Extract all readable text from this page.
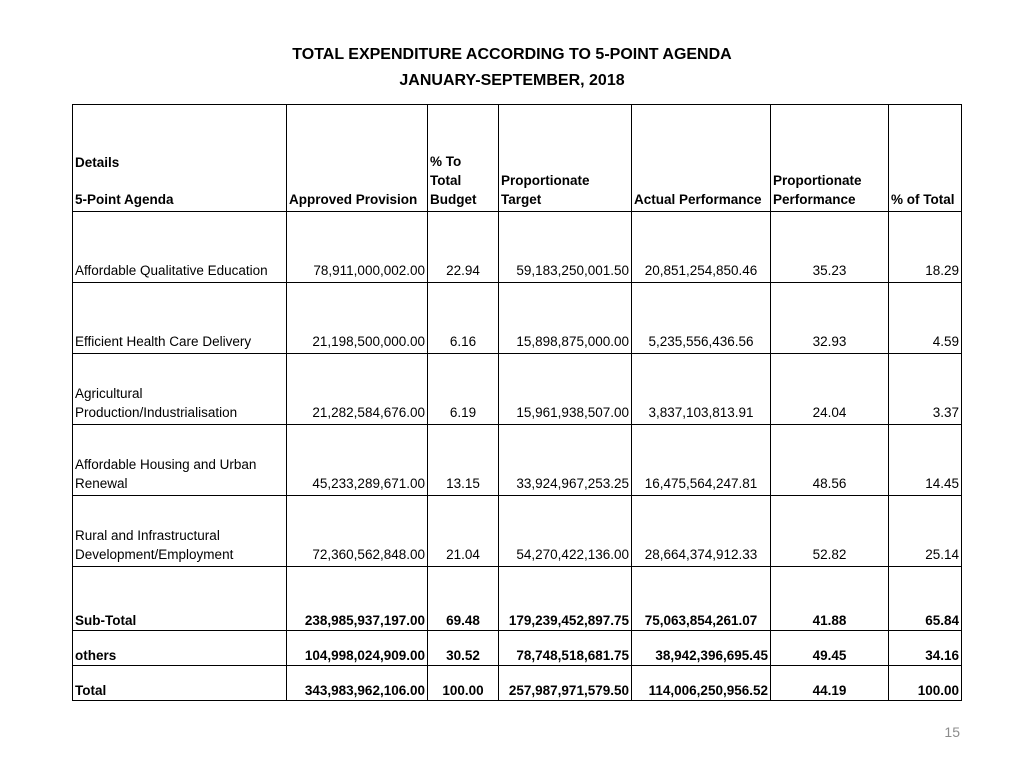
TOTAL EXPENDITURE ACCORDING TO 5-POINT AGENDA
JANUARY-SEPTEMBER, 2018
Details
5-Point Agenda	Approved Provision	% To Total Budget	Proportionate Target	Actual Performance	Proportionate Performance	% of Total
Affordable Qualitative Education	78,911,000,002.00	22.94	59,183,250,001.50	20,851,254,850.46	35.23	18.29
Efficient Health Care Delivery	21,198,500,000.00	6.16	15,898,875,000.00	5,235,556,436.56	32.93	4.59
Agricultural Production/Industrialisation	21,282,584,676.00	6.19	15,961,938,507.00	3,837,103,813.91	24.04	3.37
Affordable Housing and Urban Renewal	45,233,289,671.00	13.15	33,924,967,253.25	16,475,564,247.81	48.56	14.45
Rural and Infrastructural Development/Employment	72,360,562,848.00	21.04	54,270,422,136.00	28,664,374,912.33	52.82	25.14
Sub-Total	238,985,937,197.00	69.48	179,239,452,897.75	75,063,854,261.07	41.88	65.84
others	104,998,024,909.00	30.52	78,748,518,681.75	38,942,396,695.45	49.45	34.16
Total	343,983,962,106.00	100.00	257,987,971,579.50	114,006,250,956.52	44.19	100.00
15
